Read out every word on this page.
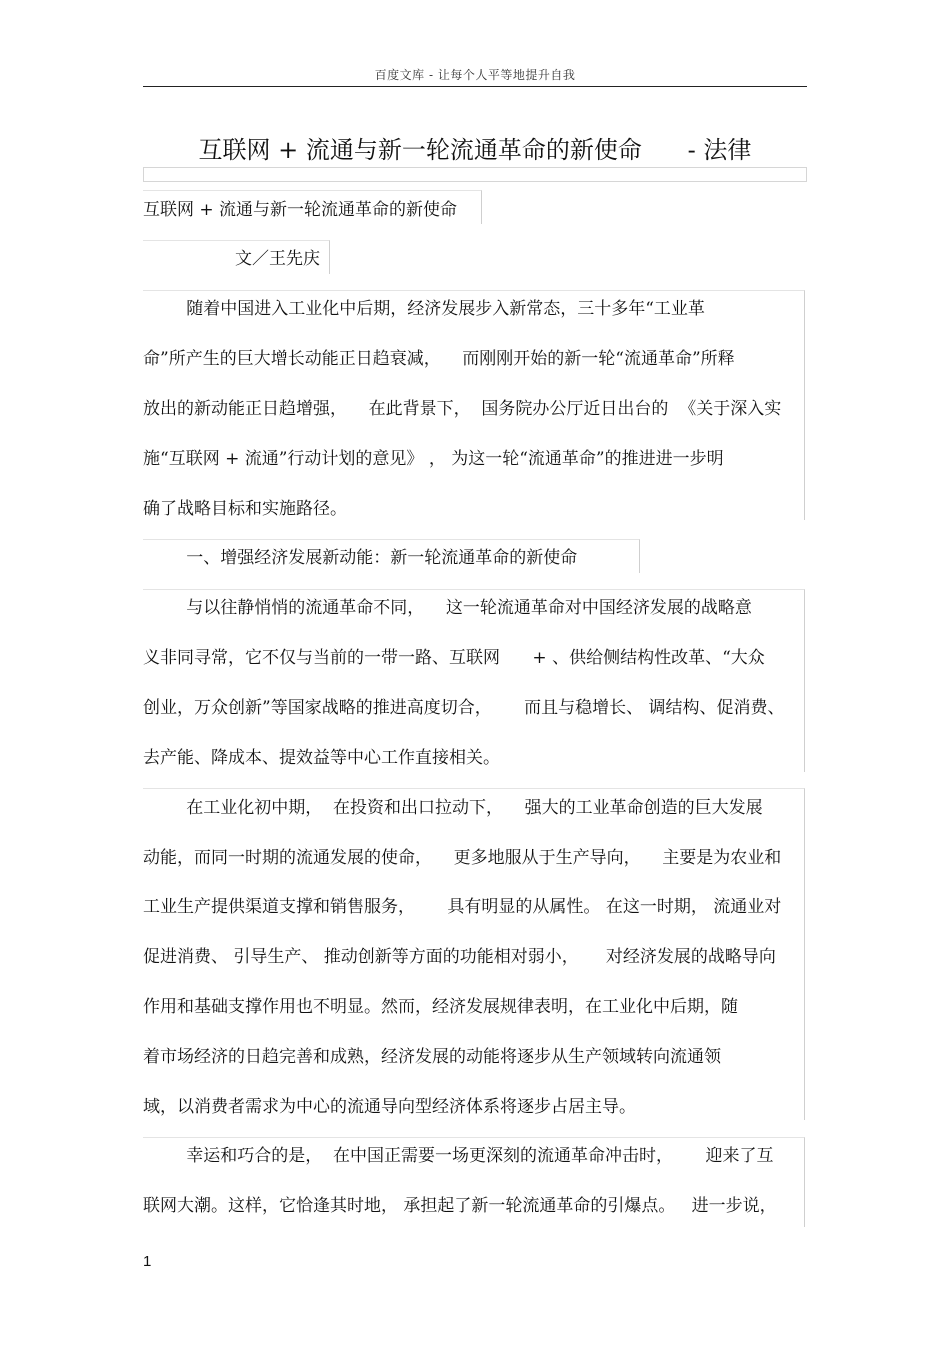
百度文库 - 让每个人平等地提升自我
互联网 + 流通与新一轮流通革命的新使命      - 法律
互联网 + 流通与新一轮流通革命的新使命
文／王先庆
随着中国进入工业化中后期，经济发展步入新常态，三十多年“工业革
命”所产生的巨大增长动能正日趋衰减，    而刚刚开始的新一轮“流通革命”所释
放出的新动能正日趋增强，    在此背景下，  国务院办公厅近日出台的  《关于深入实
施“互联网 + 流通”行动计划的意见》 ， 为这一轮“流通革命”的推进进一步明
确了战略目标和实施路径。
一、增强经济发展新动能：新一轮流通革命的新使命
与以往静悄悄的流通革命不同，    这一轮流通革命对中国经济发展的战略意
义非同寻常，它不仅与当前的一带一路、互联网      + 、供给侧结构性改革、“大众
创业，万众创新”等国家战略的推进高度切合，      而且与稳增长、 调结构、促消费、
去产能、降成本、提效益等中心工作直接相关。
在工业化初中期，  在投资和出口拉动下，    强大的工业革命创造的巨大发展
动能，而同一时期的流通发展的使命，    更多地服从于生产导向，    主要是为农业和
工业生产提供渠道支撑和销售服务，      具有明显的从属性。 在这一时期， 流通业对
促进消费、 引导生产、 推动创新等方面的功能相对弱小，     对经济发展的战略导向
作用和基础支撑作用也不明显。然而，经济发展规律表明，在工业化中后期，随
着市场经济的日趋完善和成熟，经济发展的动能将逐步从生产领域转向流通领
域，以消费者需求为中心的流通导向型经济体系将逐步占居主导。
幸运和巧合的是，  在中国正需要一场更深刻的流通革命冲击时，      迎来了互
联网大潮。这样，它恰逢其时地， 承担起了新一轮流通革命的引爆点。   进一步说，
1
